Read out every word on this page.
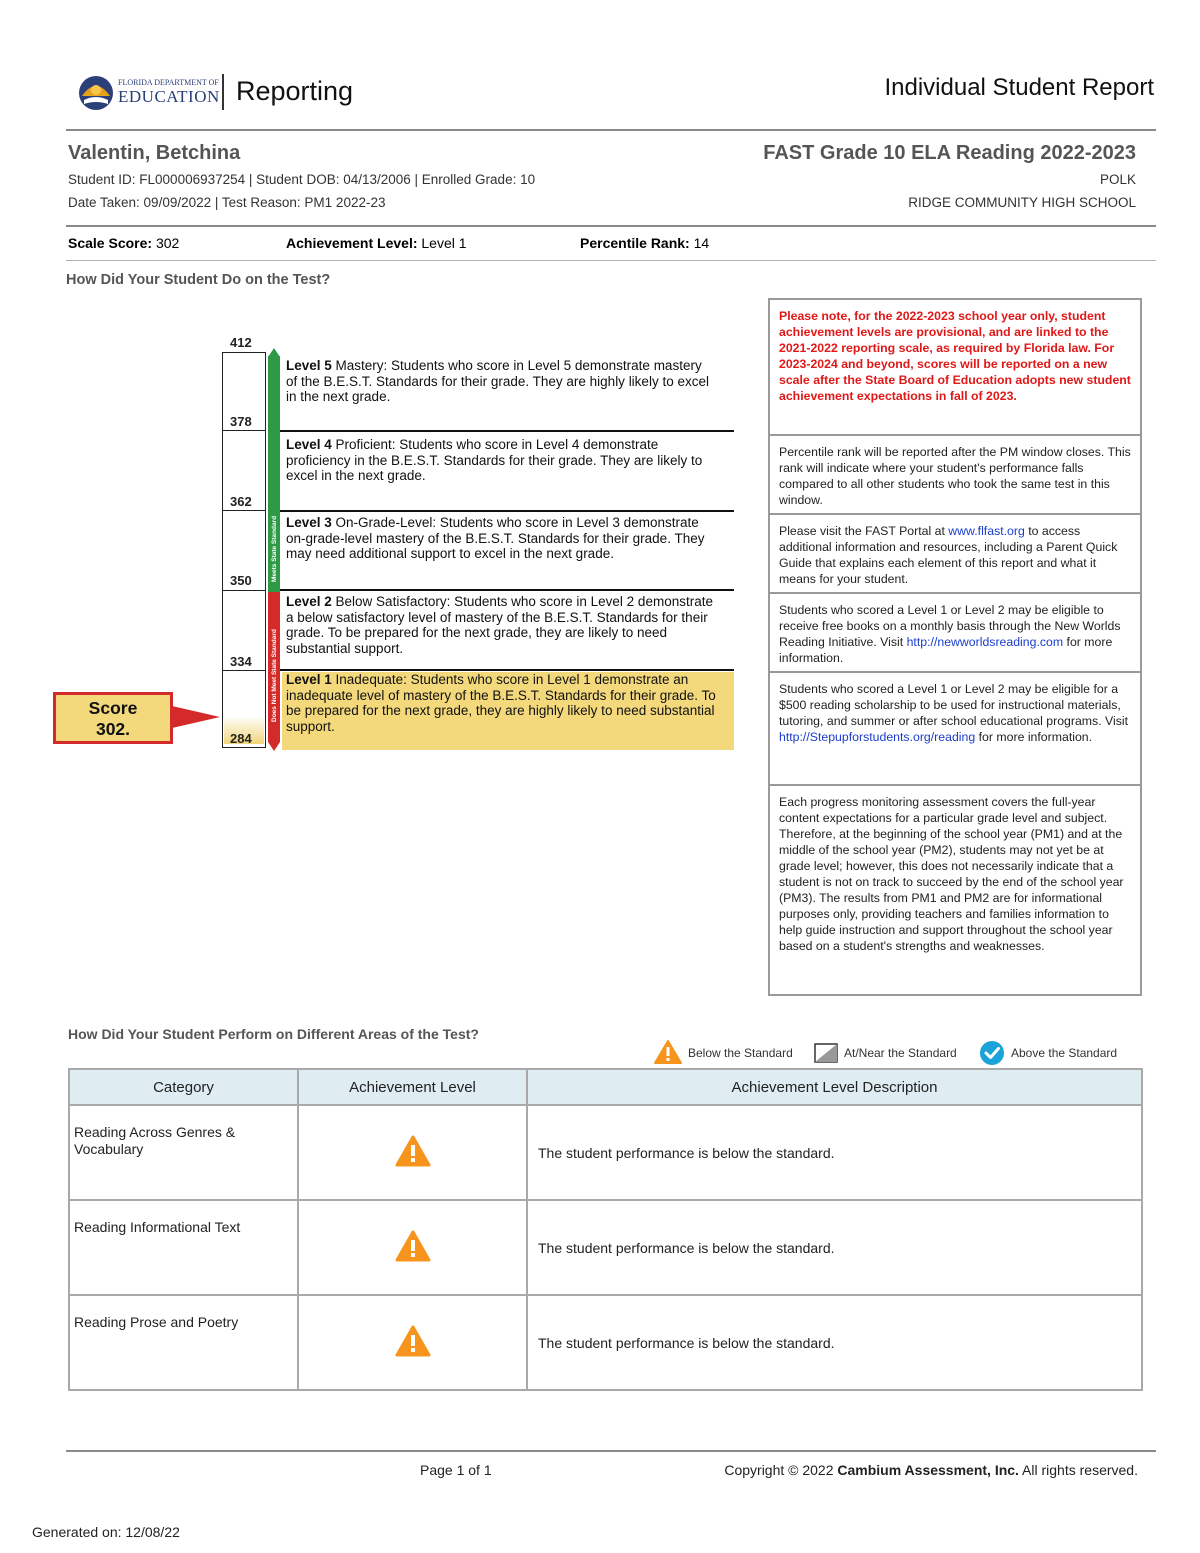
FLORIDA DEPARTMENT OF
EDUCATION Reporting	Individual Student Report
Valentin, Betchina	FAST Grade 10 ELA Reading 2022-2023
Student ID: FL000006937254 | Student DOB: 04/13/2006 | Enrolled Grade: 10
Date Taken: 09/09/2022 | Test Reason: PM1 2022-23
POLK
RIDGE COMMUNITY HIGH SCHOOL
Scale Score: 302	Achievement Level: Level 1	Percentile Rank: 14
How Did Your Student Do on the Test?
412
378
362
350
334
284
Meets State Standard
Does Not Meet State Standard
Level 5 Mastery: Students who score in Level 5 demonstrate mastery of the B.E.S.T. Standards for their grade. They are highly likely to excel in the next grade.
Level 4 Proficient: Students who score in Level 4 demonstrate proficiency in the B.E.S.T. Standards for their grade. They are likely to excel in the next grade.
Level 3 On-Grade-Level: Students who score in Level 3 demonstrate on-grade-level mastery of the B.E.S.T. Standards for their grade. They may need additional support to excel in the next grade.
Level 2 Below Satisfactory: Students who score in Level 2 demonstrate a below satisfactory level of mastery of the B.E.S.T. Standards for their grade. To be prepared for the next grade, they are likely to need substantial support.
Level 1 Inadequate: Students who score in Level 1 demonstrate an inadequate level of mastery of the B.E.S.T. Standards for their grade. To be prepared for the next grade, they are highly likely to need substantial support.
Score
302.
Please note, for the 2022-2023 school year only, student achievement levels are provisional, and are linked to the 2021-2022 reporting scale, as required by Florida law. For 2023-2024 and beyond, scores will be reported on a new scale after the State Board of Education adopts new student achievement expectations in fall of 2023.
Percentile rank will be reported after the PM window closes. This rank will indicate where your student's performance falls compared to all other students who took the same test in this window.
Please visit the FAST Portal at www.flfast.org to access additional information and resources, including a Parent Quick Guide that explains each element of this report and what it means for your student.
Students who scored a Level 1 or Level 2 may be eligible to receive free books on a monthly basis through the New Worlds Reading Initiative. Visit http://newworldsreading.com for more information.
Students who scored a Level 1 or Level 2 may be eligible for a $500 reading scholarship to be used for instructional materials, tutoring, and summer or after school educational programs. Visit http://Stepupforstudents.org/reading for more information.
Each progress monitoring assessment covers the full-year content expectations for a particular grade level and subject. Therefore, at the beginning of the school year (PM1) and at the middle of the school year (PM2), students may not yet be at grade level; however, this does not necessarily indicate that a student is not on track to succeed by the end of the school year (PM3). The results from PM1 and PM2 are for informational purposes only, providing teachers and families information to help guide instruction and support throughout the school year based on a student's strengths and weaknesses.
How Did Your Student Perform on Different Areas of the Test?
Below the Standard	At/Near the Standard	Above the Standard
Category	Achievement Level	Achievement Level Description
Reading Across Genres & Vocabulary		The student performance is below the standard.
Reading Informational Text		The student performance is below the standard.
Reading Prose and Poetry		The student performance is below the standard.
Page 1 of 1	Copyright © 2022 Cambium Assessment, Inc. All rights reserved.
Generated on: 12/08/22
